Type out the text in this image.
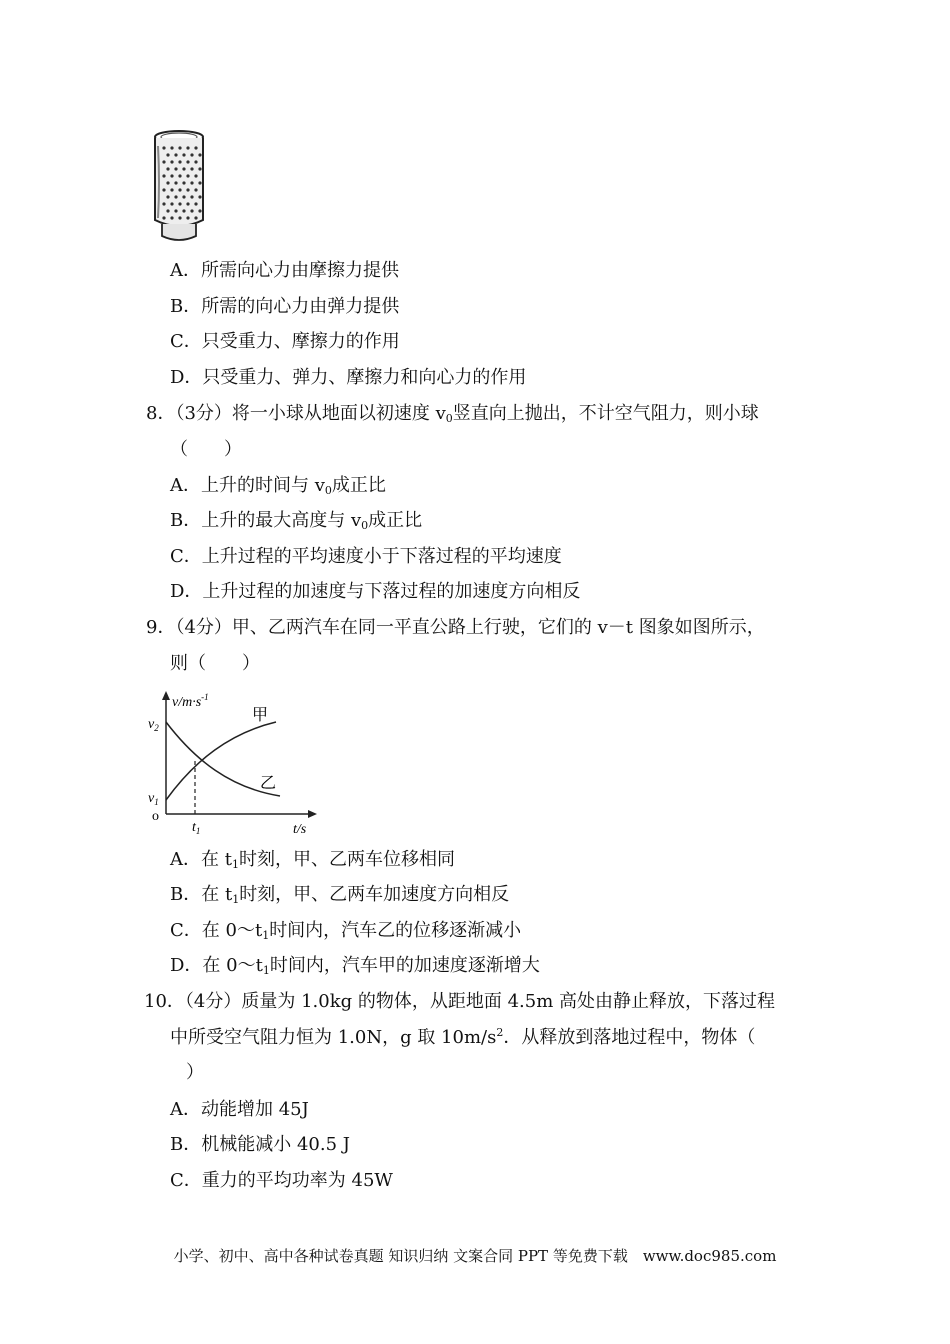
A．所需向心力由摩擦力提供
B．所需的向心力由弹力提供
C．只受重力、摩擦力的作用
D．只受重力、弹力、摩擦力和向心力的作用
8．（3分）将一小球从地面以初速度 $v_0$竖直向上抛出，不计空气阻力，则小球
（　　）
A．上升的时间与 $v_0$成正比
B．上升的最大高度与 $v_0$成正比
C．上升过程的平均速度小于下落过程的平均速度
D．上升过程的加速度与下落过程的加速度方向相反
9．（4分）甲、乙两汽车在同一平直公路上行驶，它们的 v－t 图象如图所示，
则（　　）
$v/m\cdot s^{-1}$
$v_2$
$v_1$
o
$t_1$	t/s
甲
乙
A．在 $t_1$时刻，甲、乙两车位移相同
B．在 $t_1$时刻，甲、乙两车加速度方向相反
C．在 $0\sim t_1$时间内，汽车乙的位移逐渐减小
D．在 $0\sim t_1$时间内，汽车甲的加速度逐渐增大
10．（4分）质量为 1.0kg 的物体，从距地面 4.5m 高处由静止释放，下落过程
中所受空气阻力恒为 1.0N，g 取 $10m/s^2$．从释放到落地过程中，物体（
）
A．动能增加 45J
B．机械能减小 40.5 J
C．重力的平均功率为 45W
小学、初中、高中各种试卷真题 知识归纳 文案合同 PPT 等免费下载　www.doc985.com
